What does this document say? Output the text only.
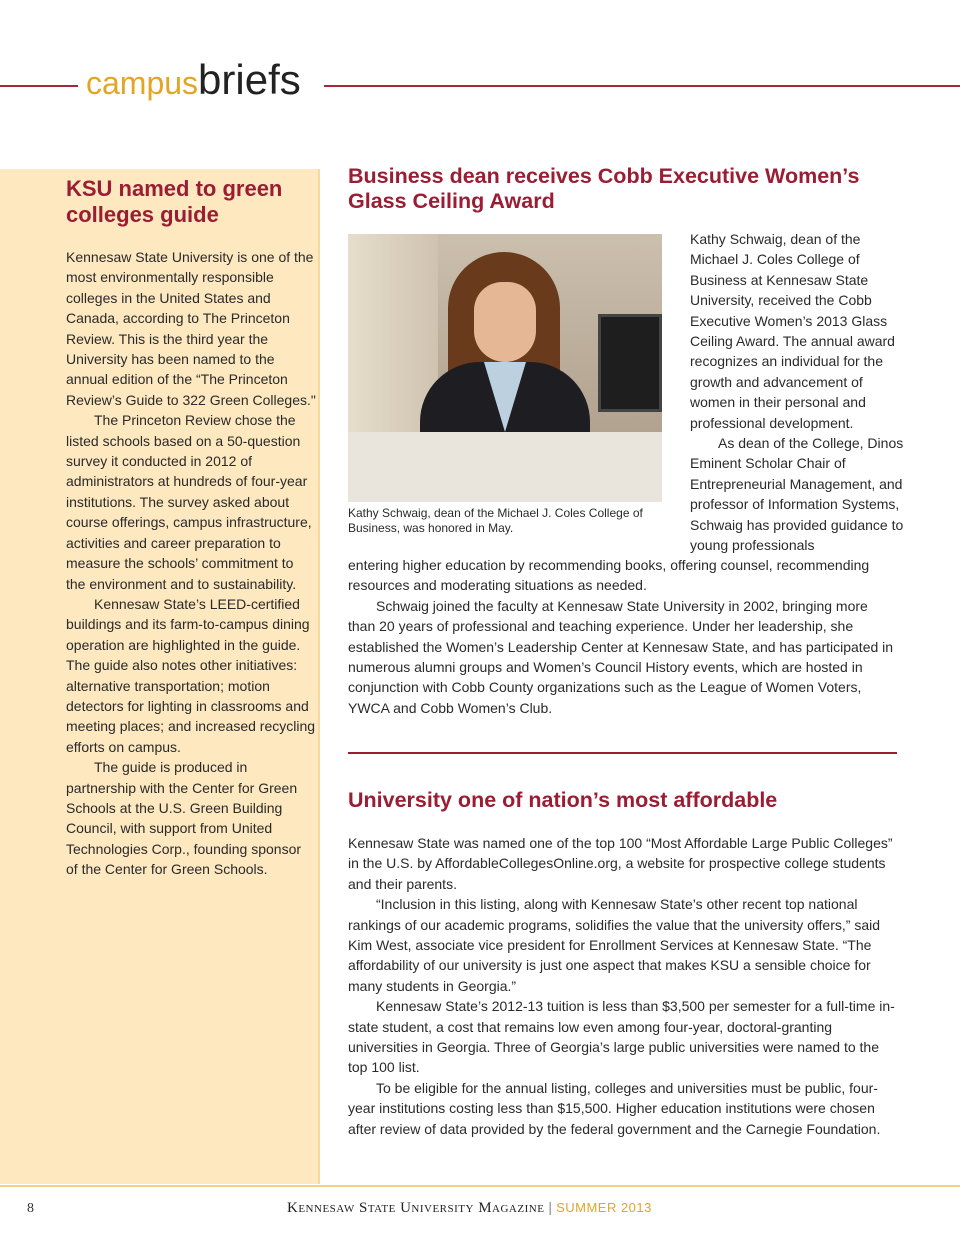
campusbriefs
KSU named to green colleges guide

Kennesaw State University is one of the most environmentally responsible colleges in the United States and Canada, according to The Princeton Review. This is the third year the University has been named to the annual edition of the “The Princeton Review’s Guide to 322 Green Colleges."

The Princeton Review chose the listed schools based on a 50-question survey it conducted in 2012 of administrators at hundreds of four-year institutions. The survey asked about course offerings, campus infrastructure, activities and career preparation to measure the schools’ commitment to the environment and to sustainability.

Kennesaw State’s LEED-certified buildings and its farm-to-campus dining operation are highlighted in the guide. The guide also notes other initiatives: alternative transportation; motion detectors for lighting in classrooms and meeting places; and increased recycling efforts on campus.

The guide is produced in partnership with the Center for Green Schools at the U.S. Green Building Council, with support from United Technologies Corp., founding sponsor of the Center for Green Schools.

Business dean receives Cobb Executive Women’s Glass Ceiling Award
Kathy Schwaig, dean of the Michael J. Coles College of Business, was honored in May.

Kathy Schwaig, dean of the Michael J. Coles College of Business at Kennesaw State University, received the Cobb Executive Women’s 2013 Glass Ceiling Award. The annual award recognizes an individual for the growth and advancement of women in their personal and professional development.

As dean of the College, Dinos Eminent Scholar Chair of Entrepreneurial Management, and professor of Information Systems, Schwaig has provided guidance to young professionals

entering higher education by recommending books, offering counsel, recommending resources and moderating situations as needed.

Schwaig joined the faculty at Kennesaw State University in 2002, bringing more than 20 years of professional and teaching experience. Under her leadership, she established the Women’s Leadership Center at Kennesaw State, and has participated in numerous alumni groups and Women’s Council History events, which are hosted in conjunction with Cobb County organizations such as the League of Women Voters, YWCA and Cobb Women’s Club.

University one of nation’s most affordable

Kennesaw State was named one of the top 100 “Most Affordable Large Public Colleges” in the U.S. by AffordableCollegesOnline.org, a website for prospective college students and their parents.

“Inclusion in this listing, along with Kennesaw State’s other recent top national rankings of our academic programs, solidifies the value that the university offers,” said Kim West, associate vice president for Enrollment Services at Kennesaw State. “The affordability of our university is just one aspect that makes KSU a sensible choice for many students in Georgia.”

Kennesaw State’s 2012-13 tuition is less than $3,500 per semester for a full-time in-state student, a cost that remains low even among four-year, doctoral-granting universities in Georgia. Three of Georgia’s large public universities were named to the top 100 list.

To be eligible for the annual listing, colleges and universities must be public, four-year institutions costing less than $15,500. Higher education institutions were chosen after review of data provided by the federal government and the Carnegie Foundation.

8	Kennesaw State University Magazine | SUMMER 2013
